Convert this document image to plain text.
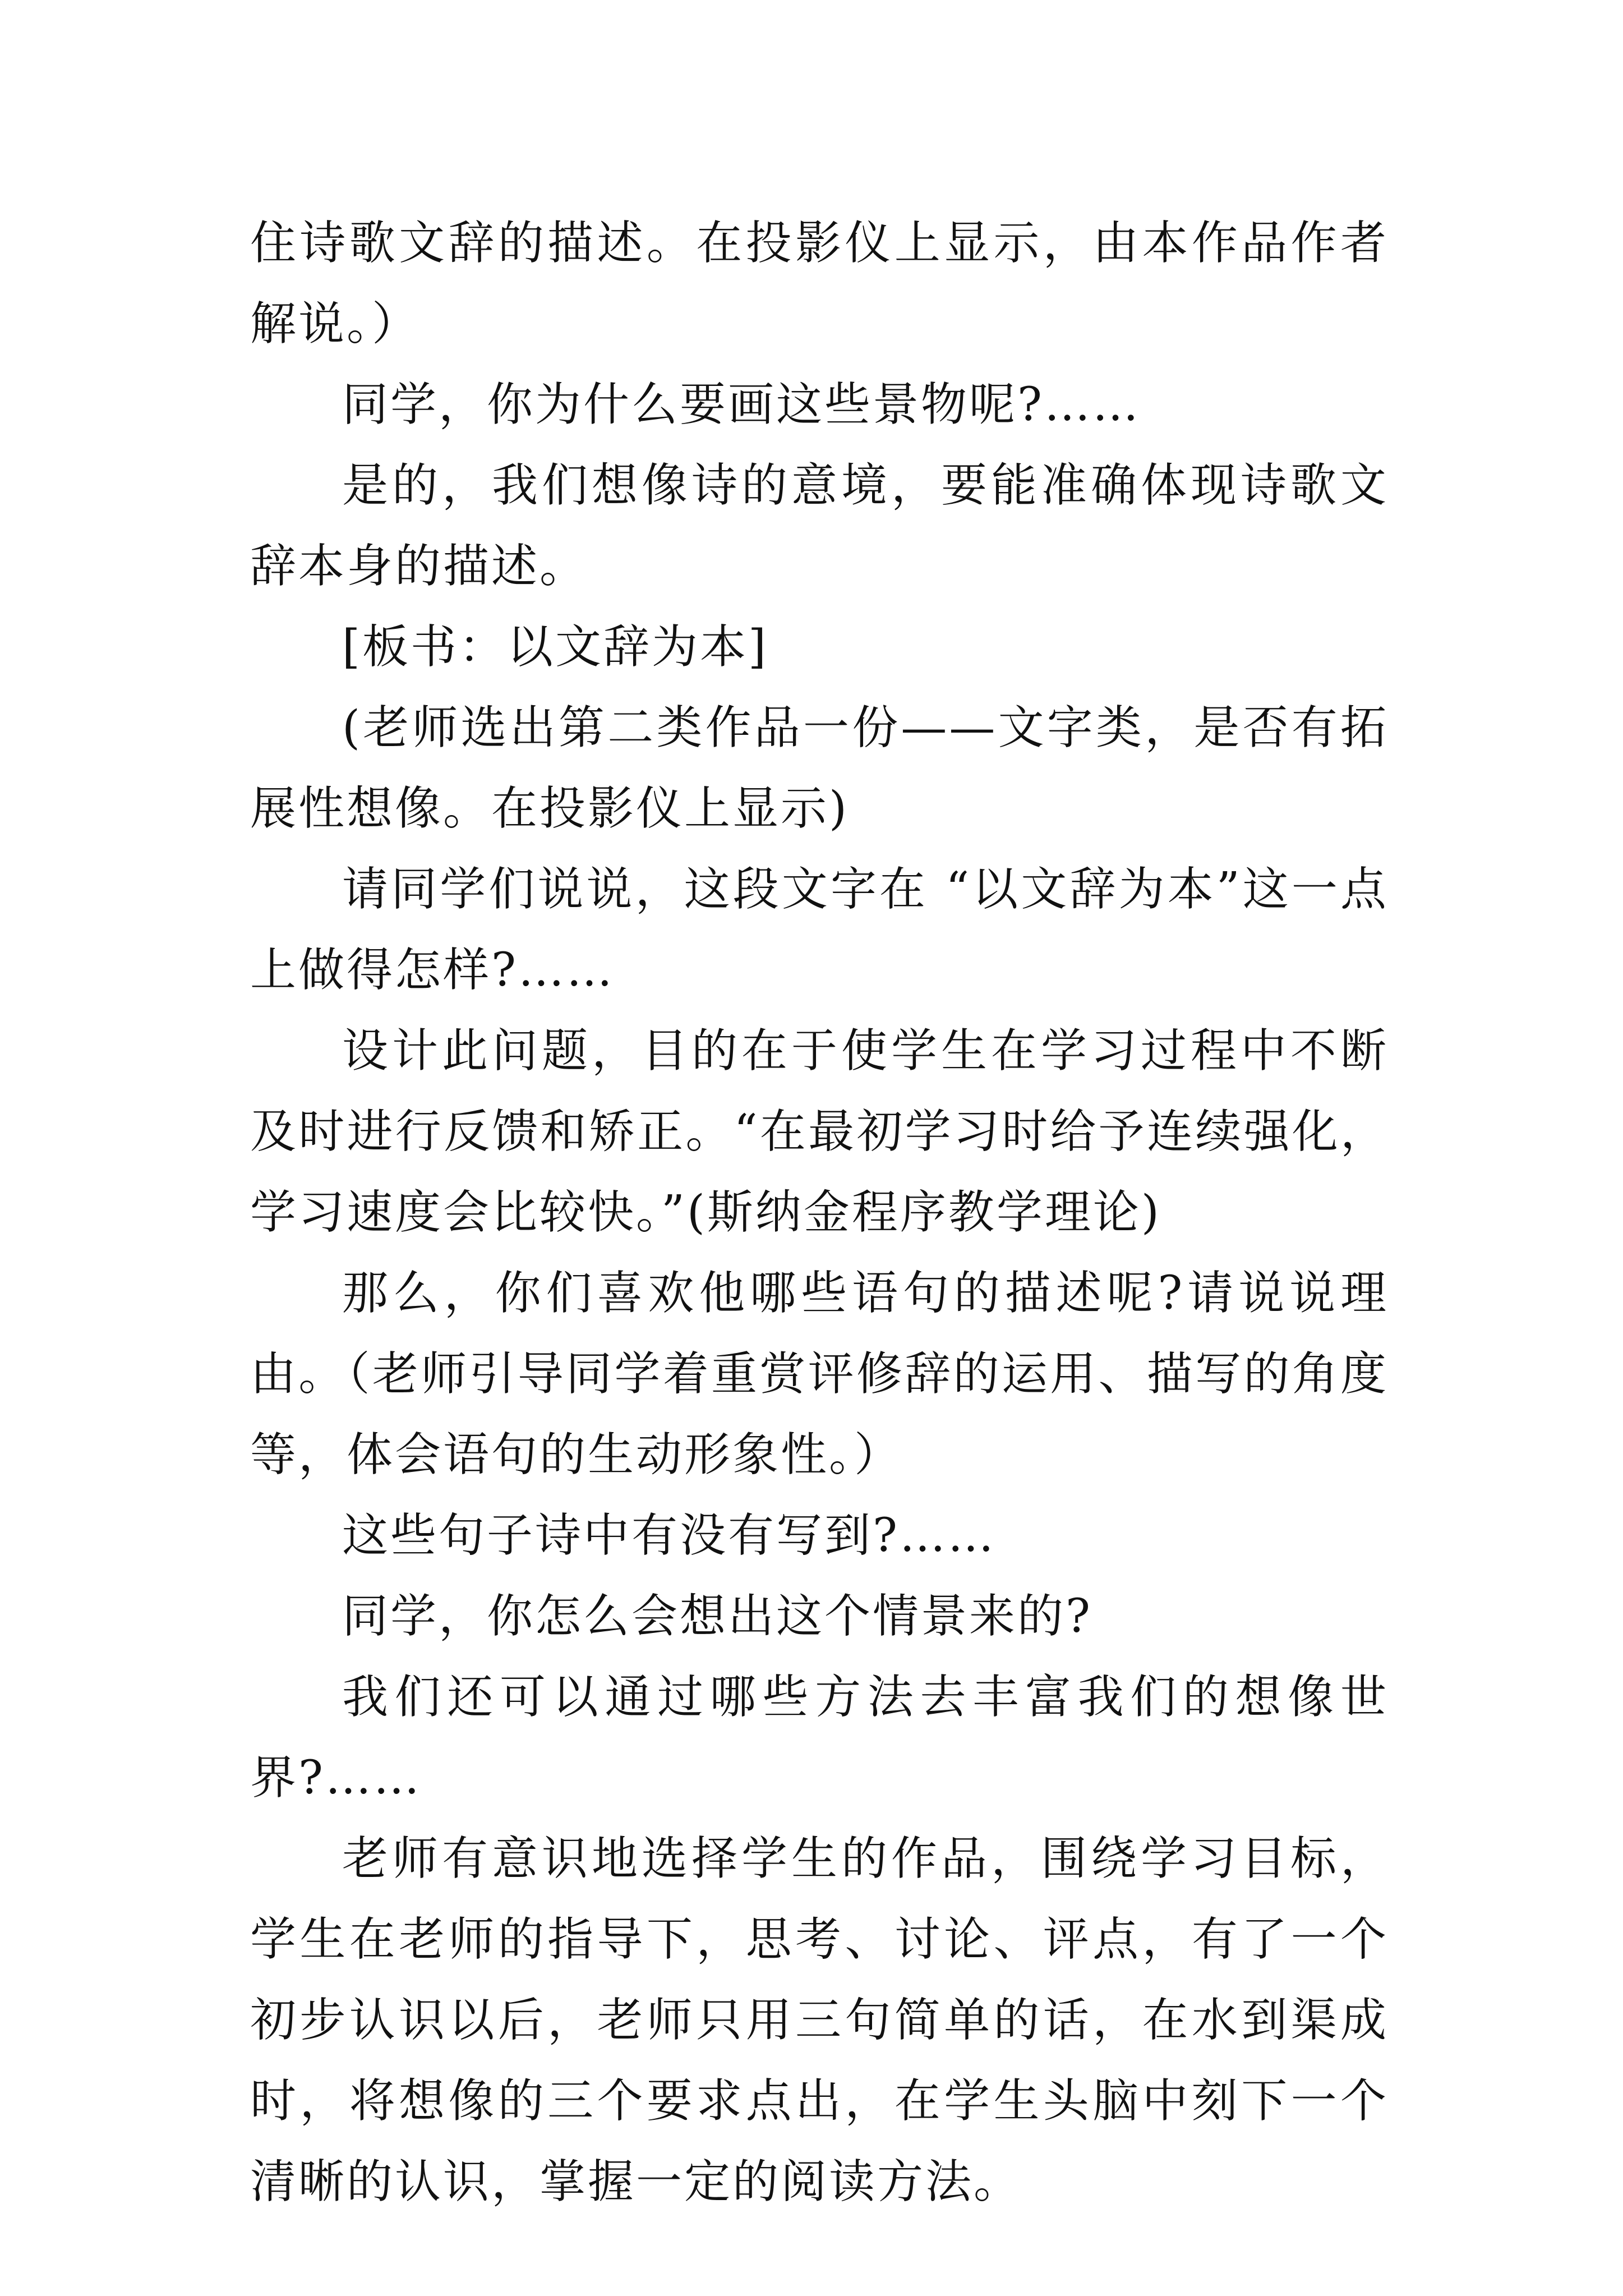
住诗歌文辞的描述。在投影仪上显示，由本作品作者解说。）

同学，你为什么要画这些景物呢?……

是的，我们想像诗的意境，要能准确体现诗歌文辞本身的描述。

[板书：以文辞为本]

(老师选出第二类作品一份——文字类，是否有拓展性想像。在投影仪上显示)

请同学们说说，这段文字在 “以文辞为本”这一点上做得怎样?……

设计此问题，目的在于使学生在学习过程中不断及时进行反馈和矫正。“在最初学习时给予连续强化，学习速度会比较快。”(斯纳金程序教学理论)

那么，你们喜欢他哪些语句的描述呢?请说说理由。（老师引导同学着重赏评修辞的运用、描写的角度等，体会语句的生动形象性。）

这些句子诗中有没有写到?……

同学，你怎么会想出这个情景来的?

我们还可以通过哪些方法去丰富我们的想像世界?……

老师有意识地选择学生的作品，围绕学习目标，学生在老师的指导下，思考、讨论、评点，有了一个初步认识以后，老师只用三句简单的话，在水到渠成时，将想像的三个要求点出，在学生头脑中刻下一个清晰的认识，掌握一定的阅读方法。
